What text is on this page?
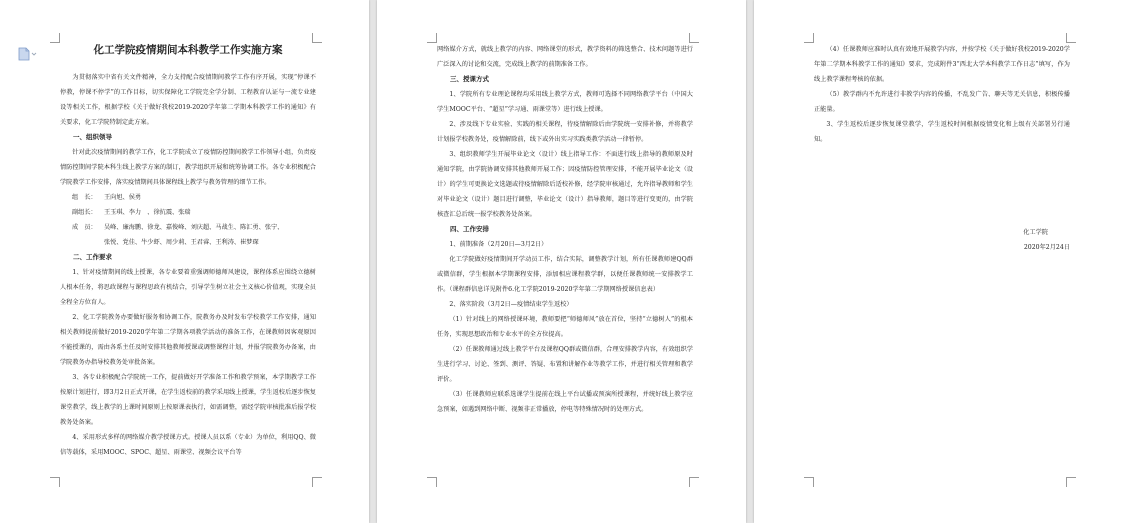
化工学院疫情期间本科教学工作实施方案

为贯彻落实中省有关文件精神，全力支持配合疫情期间教学工作有序开展，实现“停课不停教，停课不停学”的工作目标，切实保障化工学院完全学分制、工程教育认证与一流专业建设等相关工作，根据学校《关于做好我校2019-2020学年第二学期本科教学工作的通知》有关要求，化工学院特制定此方案。

一、组织领导

针对此次疫情期间的教学工作，化工学院成立了疫情防控期间教学工作领导小组，负责疫情防控期间学院本科生线上教学方案的制订，教学组织开展和统筹协调工作。各专业积极配合学院教学工作安排，落实疫情期间具体课程线上教学与教务管理的细节工作。

组　长： 王向旭、侯勇

副组长： 王玉琪、李力　、徐抗震、张瑞

成　员： 吴峰、廉海鹏、徐龙、嘉俊峰、刘庆超、马战生、陈汇勇、张宁、

张悦、党佳、牛少虾、周少莉、王君睿、王利涛、崔梦琛

二、工作要求

1、针对疫情期间的线上授课，各专业要着重强调师德师风建设，课程体系应围绕立德树人根本任务，将思政课程与课程思政有机结合，引导学生树立社会主义核心价值观，实现全员全程全方位育人。

2、化工学院教务办要做好服务和协调工作，院教务办及时发布学校教学工作安排，通知相关教师提前做好2019-2020学年第二学期各项教学活动的准备工作，在课教师因客观原因不能授课的，需由各系主任及时安排其他教师授课或调整课程计划，并报学院教务办备案，由学院教务办指导校教务处审批备案。

3、各专业积极配合学院统一工作，提前做好开学准备工作和教学预案，本学期教学工作按原计划进行，即3月2日正式开课，在学生返校前的教学采用线上授课，学生返校后逐步恢复课堂教学，线上教学的上课时间原则上按原课表执行，如需调整，需经学院审核批准后报学校教务处备案。

4、采用形式多样的网络媒介教学授课方式。授课人员以系（专业）为单位，利用QQ、微信等载体，采用MOOC、SPOC、超星、雨课堂、视频会议平台等

网络媒介方式，就线上教学的内容、网络课堂的形式，教学资料的筛选整合、技术问题等进行广泛深入的讨论和交流，完成线上教学的前期准备工作。

三、授课方式

1、学院所有专业理论课程均采用线上教学方式，教师可选择不同网络教学平台（中国大学生MOOC平台、“超星”学习通、雨课堂等）进行线上授课。

2、涉及线下专业实验、实践的相关课程，待疫情解除后由学院统一安排补修，并将教学计划报学校教务处，疫情解除前，线下或外出实习实践类教学活动一律暂停。

3、组织教师学生开展毕业论文（设计）线上指导工作：不面进行线上指导的教师原及时通知学院，由学院协调安排其他教师开展工作；因疫情防控管理安排，不能开展毕业论文（设计）的学生可更换论文选题或待疫情解除后适校补修，经学院审核通过，允许指导教师和学生对毕业论文（设计）题目进行调整，毕业论文（设计）指导教师，题目等进行变更的，由学院核查汇总后统一报学校教务处备案。

四、工作安排

1、前期准备（2月20日—3月2日）

化工学院做好疫情期间开学动员工作，结合实际，调整教学计划，所有任课教师建QQ群或微信群，学生根据本学期课程安排，添加相应课程教学群，以便任课教师统一安排教学工作。（课程群信息详见附件6.化工学院2019-2020学年第二学期网络授课信息表）

2、落实阶段（3月2日—疫情结束学生返校）

（1）针对线上的网络授课环境，教师要把“师德师风”放在首位，坚持“立德树人”的根本任务，实现思想政治和专业水平的全方位提高。

（2）任课教师通过线上教学平台及课程QQ群或微信群，合理安排教学内容，有效组织学生进行学习、讨论、签到、测评、答疑、布置和讲解作业等教学工作，并进行相关管理和教学评价。

（3）任课教师应联系选课学生提前在线上平台试播或预演所授课程，并统好线上教学应急预案，如遇到网络中断、视频非正常播放，停电等特殊情况时的处理方式。

（4）任课教师应准时认真有效地开展教学内容，并按学校《关于做好我校2019-2020学年第二学期本科教学工作的通知》要求，完成附件3“西北大学本科教学工作日志”填写，作为线上教学课程考核的依据。

（5）教学群内不允许进行非教学内容的传播，不乱发广告、聊天等无关信息，积极传播正能量。

3、学生返校后逐步恢复课堂教学，学生返校时间根据疫情变化和上级有关部署另行通知。

化工学院

2020年2月24日
